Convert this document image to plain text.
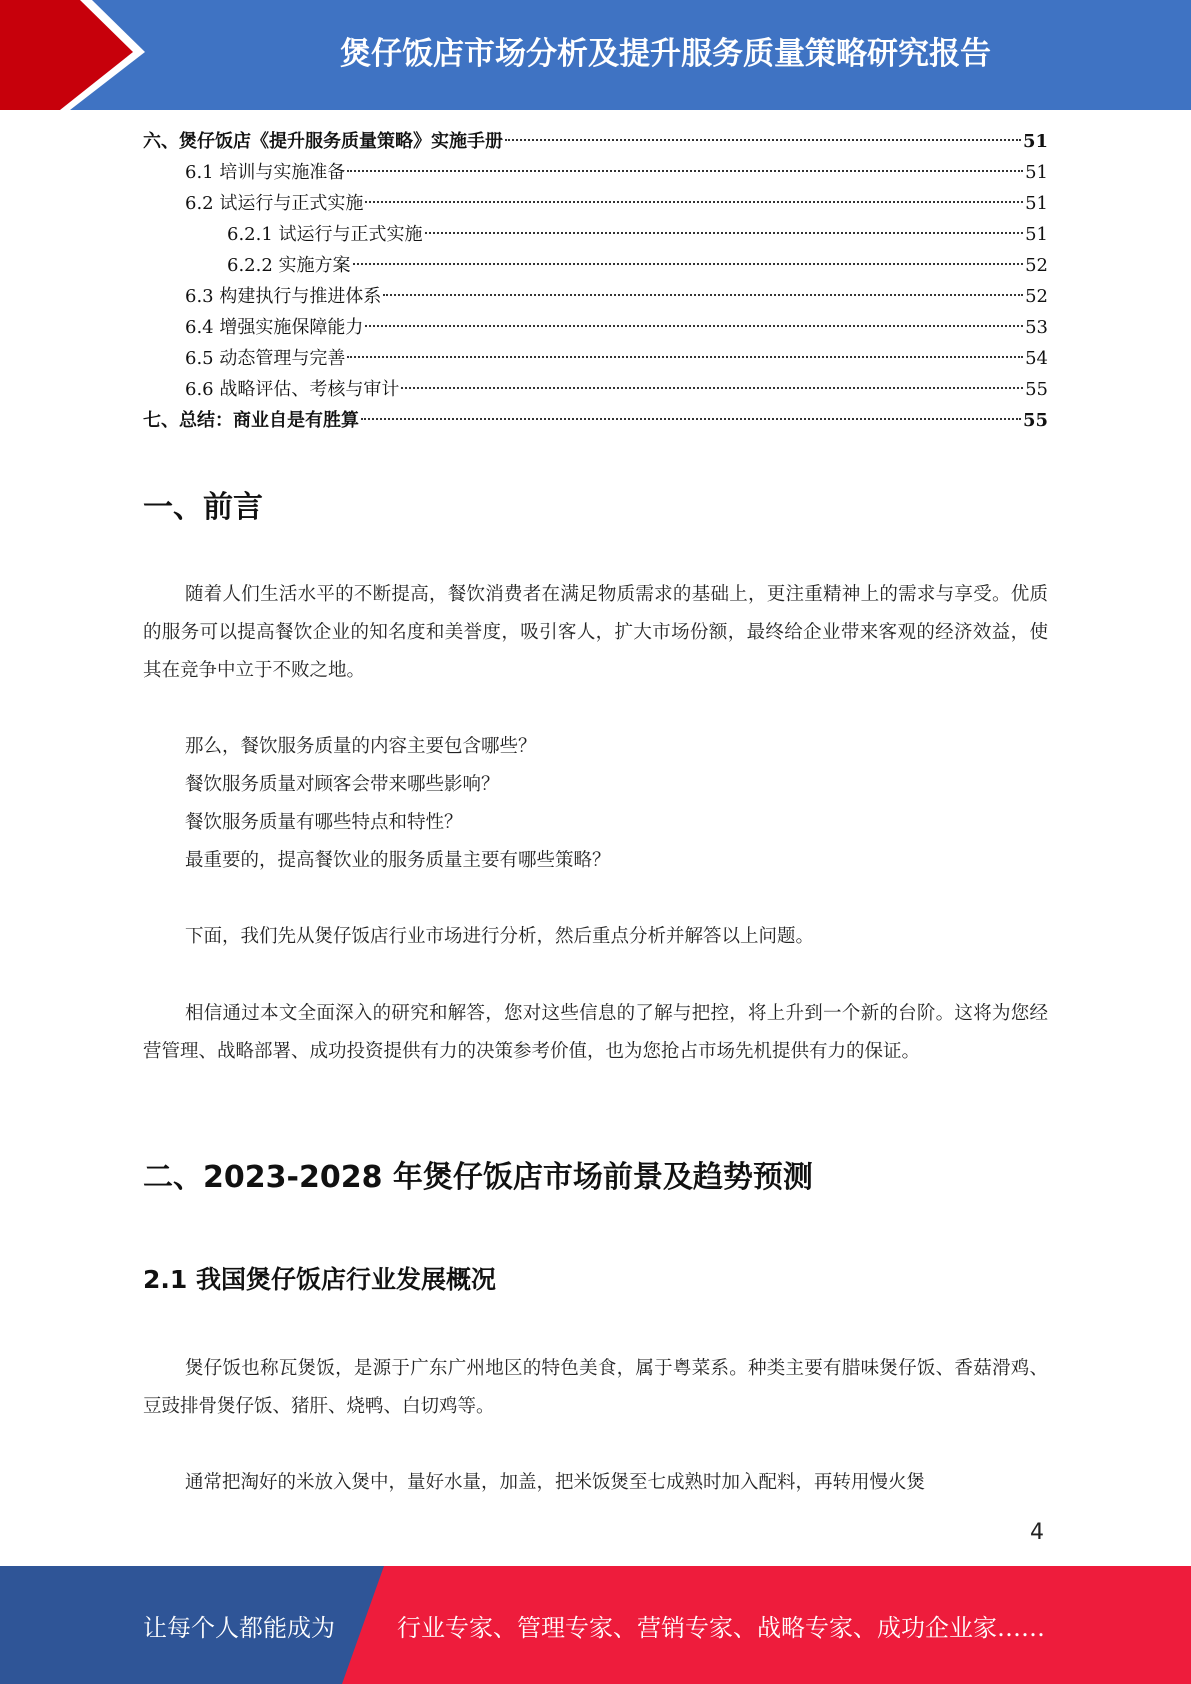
煲仔饭店市场分析及提升服务质量策略研究报告
六、煲仔饭店《提升服务质量策略》实施手册	51
6.1 培训与实施准备	51
6.2 试运行与正式实施	51
6.2.1 试运行与正式实施	51
6.2.2 实施方案	52
6.3 构建执行与推进体系	52
6.4 增强实施保障能力	53
6.5 动态管理与完善	54
6.6 战略评估、考核与审计	55
七、总结：商业自是有胜算	55
一、前言
随着人们生活水平的不断提高，餐饮消费者在满足物质需求的基础上，更注重精神上的需求与享受。优质的服务可以提高餐饮企业的知名度和美誉度，吸引客人，扩大市场份额，最终给企业带来客观的经济效益，使其在竞争中立于不败之地。
那么，餐饮服务质量的内容主要包含哪些？
餐饮服务质量对顾客会带来哪些影响？
餐饮服务质量有哪些特点和特性？
最重要的，提高餐饮业的服务质量主要有哪些策略？
下面，我们先从煲仔饭店行业市场进行分析，然后重点分析并解答以上问题。
相信通过本文全面深入的研究和解答，您对这些信息的了解与把控，将上升到一个新的台阶。这将为您经营管理、战略部署、成功投资提供有力的决策参考价值，也为您抢占市场先机提供有力的保证。
二、2023-2028 年煲仔饭店市场前景及趋势预测
2.1 我国煲仔饭店行业发展概况
煲仔饭也称瓦煲饭，是源于广东广州地区的特色美食，属于粤菜系。种类主要有腊味煲仔饭、香菇滑鸡、豆豉排骨煲仔饭、猪肝、烧鸭、白切鸡等。
通常把淘好的米放入煲中，量好水量，加盖，把米饭煲至七成熟时加入配料，再转用慢火煲
4
让每个人都能成为	行业专家、管理专家、营销专家、战略专家、成功企业家……
